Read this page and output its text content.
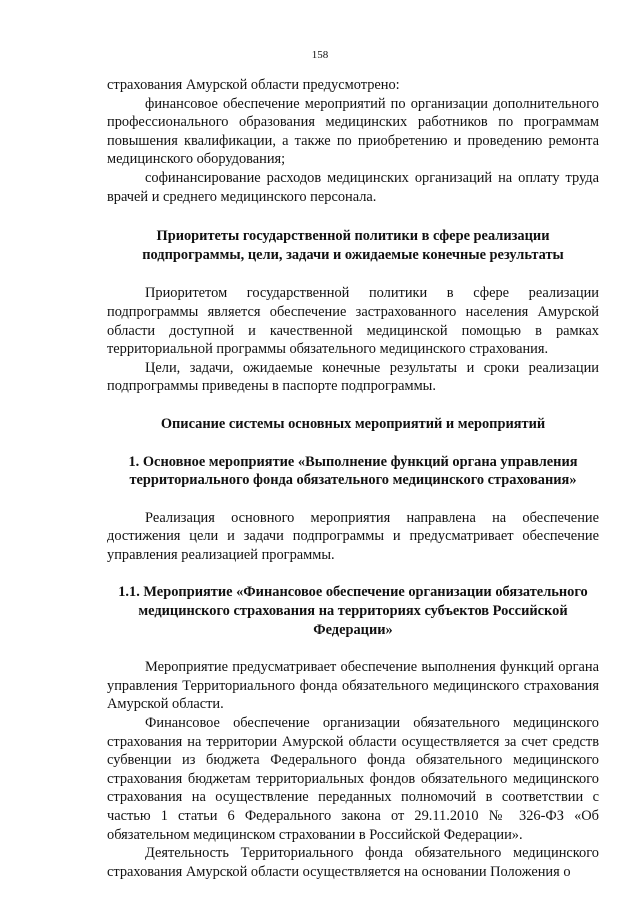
158

страхования Амурской области предусмотрено:

финансовое обеспечение мероприятий по организации дополнительного профессионального образования медицинских работников по программам повышения квалификации, а также по приобретению и проведению ремонта медицинского оборудования;

софинансирование расходов медицинских организаций на оплату труда врачей и среднего медицинского персонала.

Приоритеты государственной политики в сфере реализации подпрограммы, цели, задачи и ожидаемые конечные результаты

Приоритетом государственной политики в сфере реализации подпрограммы является обеспечение застрахованного населения Амурской области доступной и качественной медицинской помощью в рамках территориальной программы обязательного медицинского страхования.

Цели, задачи, ожидаемые конечные результаты и сроки реализации подпрограммы приведены в паспорте подпрограммы.

Описание системы основных мероприятий и мероприятий
1. Основное мероприятие «Выполнение функций органа управления территориального фонда обязательного медицинского страхования»

Реализация основного мероприятия направлена на обеспечение достижения цели и задачи подпрограммы и предусматривает обеспечение управления реализацией программы.

1.1. Мероприятие «Финансовое обеспечение организации обязательного медицинского страхования на территориях субъектов Российской Федерации»

Мероприятие предусматривает обеспечение выполнения функций органа управления Территориального фонда обязательного медицинского страхования Амурской области.

Финансовое обеспечение организации обязательного медицинского страхования на территории Амурской области осуществляется за счет средств субвенции из бюджета Федерального фонда обязательного медицинского страхования бюджетам территориальных фондов обязательного медицинского страхования на осуществление переданных полномочий в соответствии с частью 1 статьи 6 Федерального закона от 29.11.2010 № 326-ФЗ «Об обязательном медицинском страховании в Российской Федерации».

Деятельность Территориального фонда обязательного медицинского страхования Амурской области осуществляется на основании Положения о
